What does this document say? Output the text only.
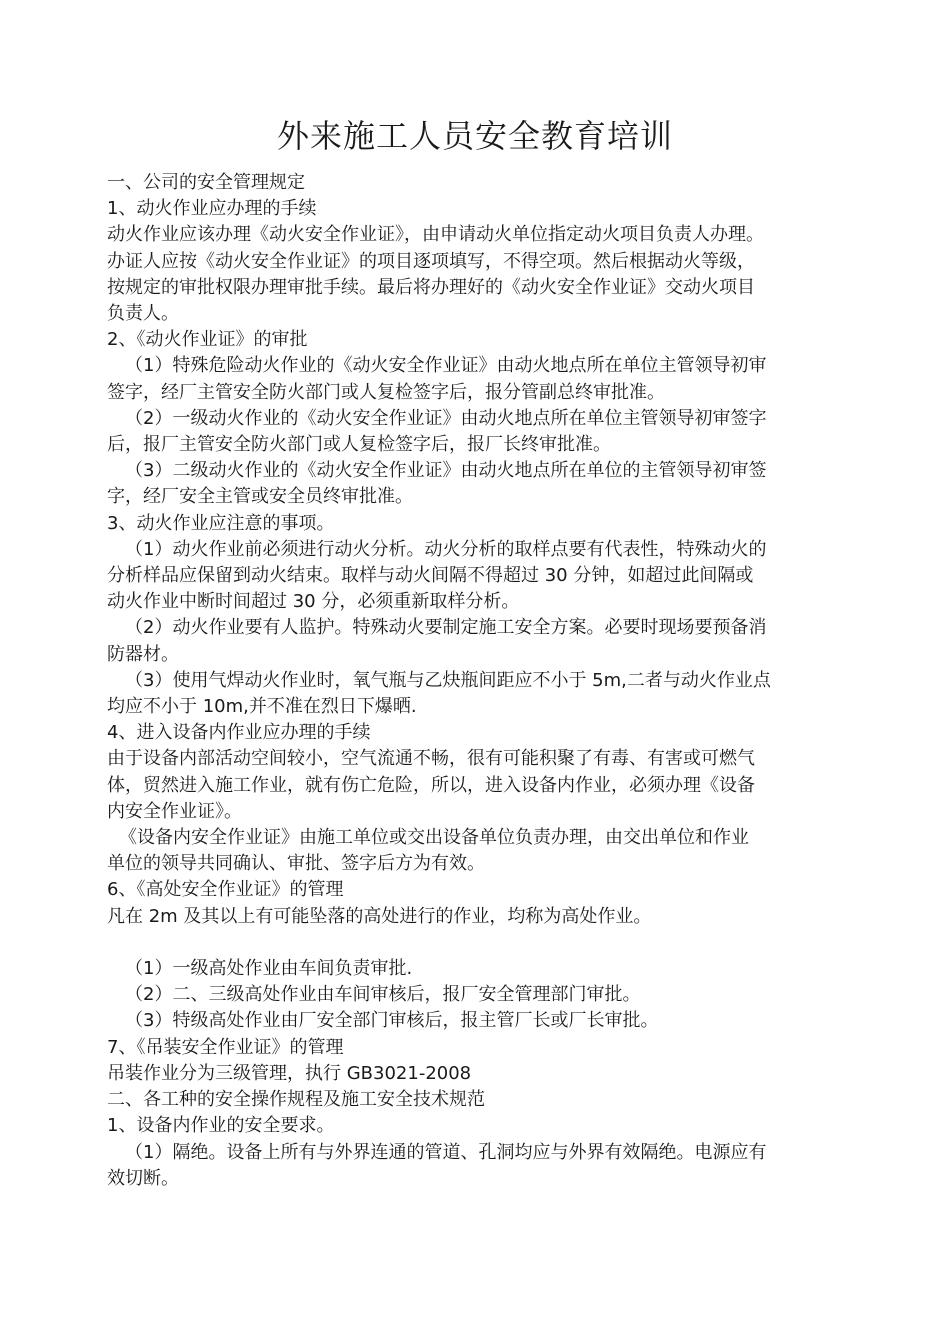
外来施工人员安全教育培训

一、公司的安全管理规定

1、动火作业应办理的手续

动火作业应该办理《动火安全作业证》，由申请动火单位指定动火项目负责人办理。

办证人应按《动火安全作业证》的项目逐项填写，不得空项。然后根据动火等级，

按规定的审批权限办理审批手续。最后将办理好的《动火安全作业证》交动火项目

负责人。

2、《动火作业证》的审批

（1）特殊危险动火作业的《动火安全作业证》由动火地点所在单位主管领导初审

签字，经厂主管安全防火部门或人复检签字后，报分管副总终审批准。

（2）一级动火作业的《动火安全作业证》由动火地点所在单位主管领导初审签字

后，报厂主管安全防火部门或人复检签字后，报厂长终审批准。

（3）二级动火作业的《动火安全作业证》由动火地点所在单位的主管领导初审签

字，经厂安全主管或安全员终审批准。

3、动火作业应注意的事项。

（1）动火作业前必须进行动火分析。动火分析的取样点要有代表性，特殊动火的

分析样品应保留到动火结束。取样与动火间隔不得超过 30 分钟，如超过此间隔或

动火作业中断时间超过 30 分，必须重新取样分析。

（2）动火作业要有人监护。特殊动火要制定施工安全方案。必要时现场要预备消

防器材。

（3）使用气焊动火作业时，氧气瓶与乙炔瓶间距应不小于 5m,二者与动火作业点

均应不小于 10m,并不准在烈日下爆晒.

4、进入设备内作业应办理的手续

由于设备内部活动空间较小，空气流通不畅，很有可能积聚了有毒、有害或可燃气

体，贸然进入施工作业，就有伤亡危险，所以，进入设备内作业，必须办理《设备

内安全作业证》。

《设备内安全作业证》由施工单位或交出设备单位负责办理，由交出单位和作业

单位的领导共同确认、审批、签字后方为有效。

6、《高处安全作业证》的管理

凡在 2m 及其以上有可能坠落的高处进行的作业，均称为高处作业。

（1）一级高处作业由车间负责审批.

（2）二、三级高处作业由车间审核后，报厂安全管理部门审批。

（3）特级高处作业由厂安全部门审核后，报主管厂长或厂长审批。

7、《吊装安全作业证》的管理

吊装作业分为三级管理，执行 GB3021-2008

二、各工种的安全操作规程及施工安全技术规范

1、设备内作业的安全要求。

（1）隔绝。设备上所有与外界连通的管道、孔洞均应与外界有效隔绝。电源应有

效切断。
